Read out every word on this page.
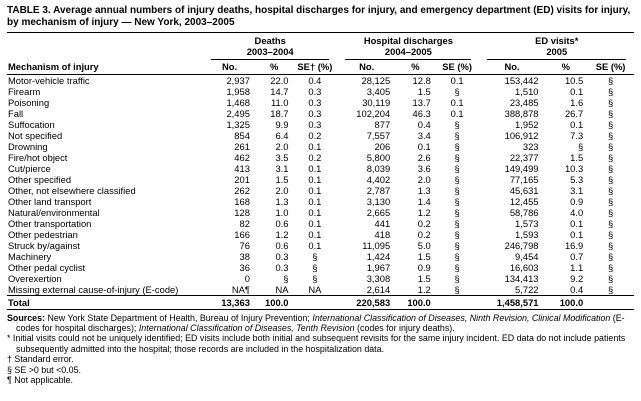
TABLE 3. Average annual numbers of injury deaths, hospital discharges for injury, and emergency department (ED) visits for injury, by mechanism of injury — New York, 2003–2005

	Deaths
2003–2004			Hospital discharges
2004–2005			ED visits*
2005		

Mechanism of injury	No.	%	SE† (%)	No.	%	SE (%)	No.	%	SE (%)
Motor-vehicle traffic	2,937	22.0	0.4	28,125	12.8	0.1	153,442	10.5	§
Firearm	1,958	14.7	0.3	3,405	1.5	§	1,510	0.1	§
Poisoning	1,468	11.0	0.3	30,119	13.7	0.1	23,485	1.6	§
Fall	2,495	18.7	0.3	102,204	46.3	0.1	388,878	26.7	§
Suffocation	1,325	9.9	0.3	877	0.4	§	1,952	0.1	§
Not specified	854	6.4	0.2	7,557	3.4	§	106,912	7.3	§
Drowning	261	2.0	0.1	206	0.1	§	323	§	§
Fire/hot object	462	3.5	0.2	5,800	2.6	§	22,377	1.5	§
Cut/pierce	413	3.1	0.1	8,039	3.6	§	149,499	10.3	§
Other specified	201	1.5	0.1	4,402	2.0	§	77,165	5.3	§
Other, not elsewhere classified	262	2.0	0.1	2,787	1.3	§	45,631	3.1	§
Other land transport	168	1.3	0.1	3,130	1.4	§	12,455	0.9	§
Natural/environmental	128	1.0	0.1	2,665	1.2	§	58,786	4.0	§
Other transportation	82	0.6	0.1	441	0.2	§	1,573	0.1	§
Other pedestrian	166	1.2	0.1	418	0.2	§	1,593	0.1	§
Struck by/against	76	0.6	0.1	11,095	5.0	§	246,798	16.9	§
Machinery	38	0.3	§	1,424	1.5	§	9,454	0.7	§
Other pedal cyclist	36	0.3	§	1,967	0.9	§	16,603	1.1	§
Overexertion	0	§	§	3,308	1.5	§	134,413	9.2	§
Missing external cause-of-injury (E-code)	NA¶	NA	NA	2,614	1.2	§	5,722	0.4	§
Total	13,363	100.0		220,583	100.0		1,458,571	100.0	
Sources: New York State Department of Health, Bureau of Injury Prevention; International Classification of Diseases, Ninth Revision, Clinical Modification (E-codes for hospital discharges); International Classification of Diseases, Tenth Revision (codes for injury deaths).
* Initial visits could not be uniquely identified; ED visits include both initial and subsequent revisits for the same injury incident. ED data do not include patients subsequently admitted into the hospital; those records are included in the hospitalization data.
† Standard error.
§ SE >0 but <0.05.
¶ Not applicable.
